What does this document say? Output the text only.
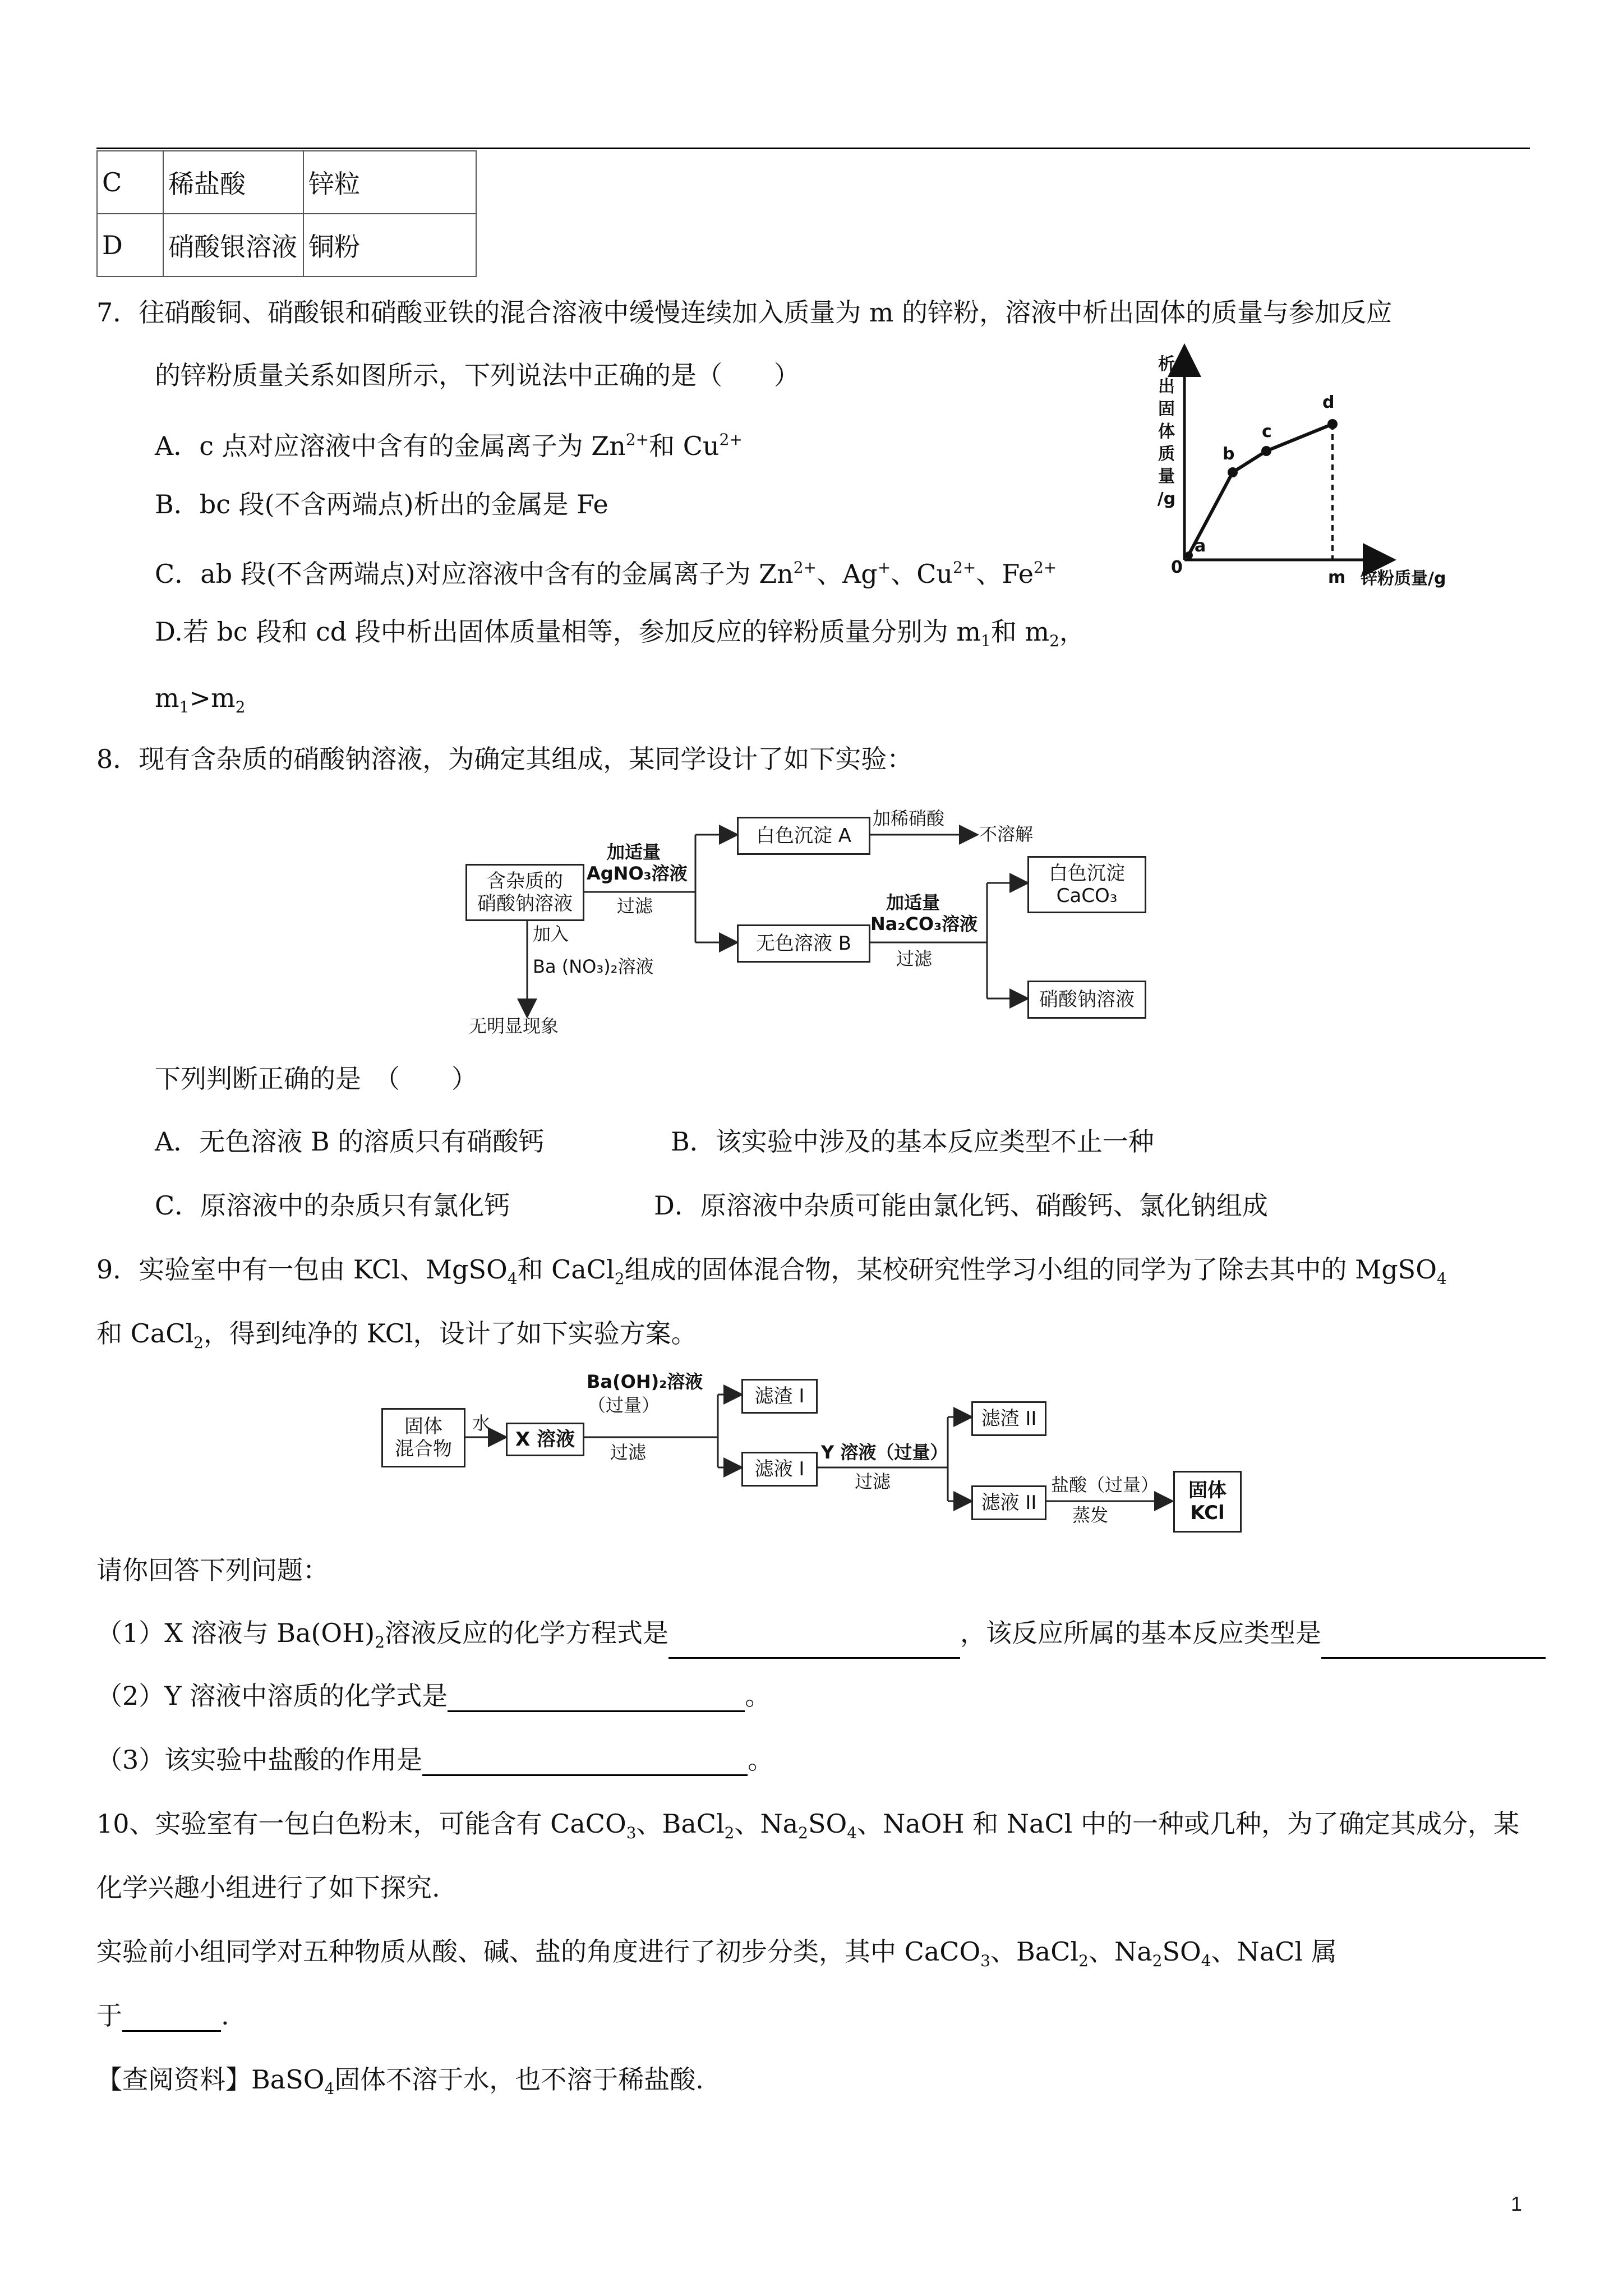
C	稀盐酸	锌粒
D	硝酸银溶液	铜粉
7．往硝酸铜、硝酸银和硝酸亚铁的混合溶液中缓慢连续加入质量为 m 的锌粉，溶液中析出固体的质量与参加反应
的锌粉质量关系如图所示，下列说法中正确的是（　　）
A．c 点对应溶液中含有的金属离子为 $Zn^{2+}$和 $Cu^{2+}$
B．bc 段(不含两端点)析出的金属是 Fe
C．ab 段(不含两端点)对应溶液中含有的金属离子为 $Zn^{2+}$、Ag+、$Cu^{2+}$、$Fe^{2+}$
D.若 bc 段和 cd 段中析出固体质量相等，参加反应的锌粉质量分别为 $m_1$和 $m_2$，
$m_1>m_2$
析
出
固
体
质
量
/g
0
a
b
c
d
m 锌粉质量/g
8．现有含杂质的硝酸钠溶液，为确定其组成，某同学设计了如下实验：
含杂质的
硝酸钠溶液
加适量
AgNO₃溶液
过滤
白色沉淀 A
加稀硝酸
不溶解
无色溶液 B
加适量
Na₂CO₃溶液
过滤
白色沉淀
CaCO₃
硝酸钠溶液
加入
Ba (NO₃)₂溶液
无明显现象
下列判断正确的是　（　　）
A．无色溶液 B 的溶质只有硝酸钙	B．该实验中涉及的基本反应类型不止一种
C．原溶液中的杂质只有氯化钙	D．原溶液中杂质可能由氯化钙、硝酸钙、氯化钠组成
9．实验室中有一包由 KCl、MgSO$_4$和 CaCl$_2$组成的固体混合物，某校研究性学习小组的同学为了除去其中的 MgSO$_4$
和 CaCl$_2$，得到纯净的 KCl，设计了如下实验方案。
固体
混合物
水
X 溶液
Ba(OH)₂溶液
（过量）
过滤
滤渣 I
滤液 I
Y 溶液（过量）
过滤
滤渣 II
滤液 II
盐酸（过量）
蒸发
固体
KCl
请你回答下列问题：
（1）X 溶液与 $Ba(OH)_2$溶液反应的化学方程式是	，该反应所属的基本反应类型是
（2）Y 溶液中溶质的化学式是	。
（3）该实验中盐酸的作用是	。
10、实验室有一包白色粉末，可能含有 CaCO$_3$、BaCl$_2$、$Na_2SO_4$、NaOH 和 NaCl 中的一种或几种，为了确定其成分，某
化学兴趣小组进行了如下探究.
实验前小组同学对五种物质从酸、碱、盐的角度进行了初步分类，其中 CaCO$_3$、BaCl$_2$、$Na_2SO_4$、NaCl 属
于	.
【查阅资料】BaSO$_4$固体不溶于水，也不溶于稀盐酸.
1
